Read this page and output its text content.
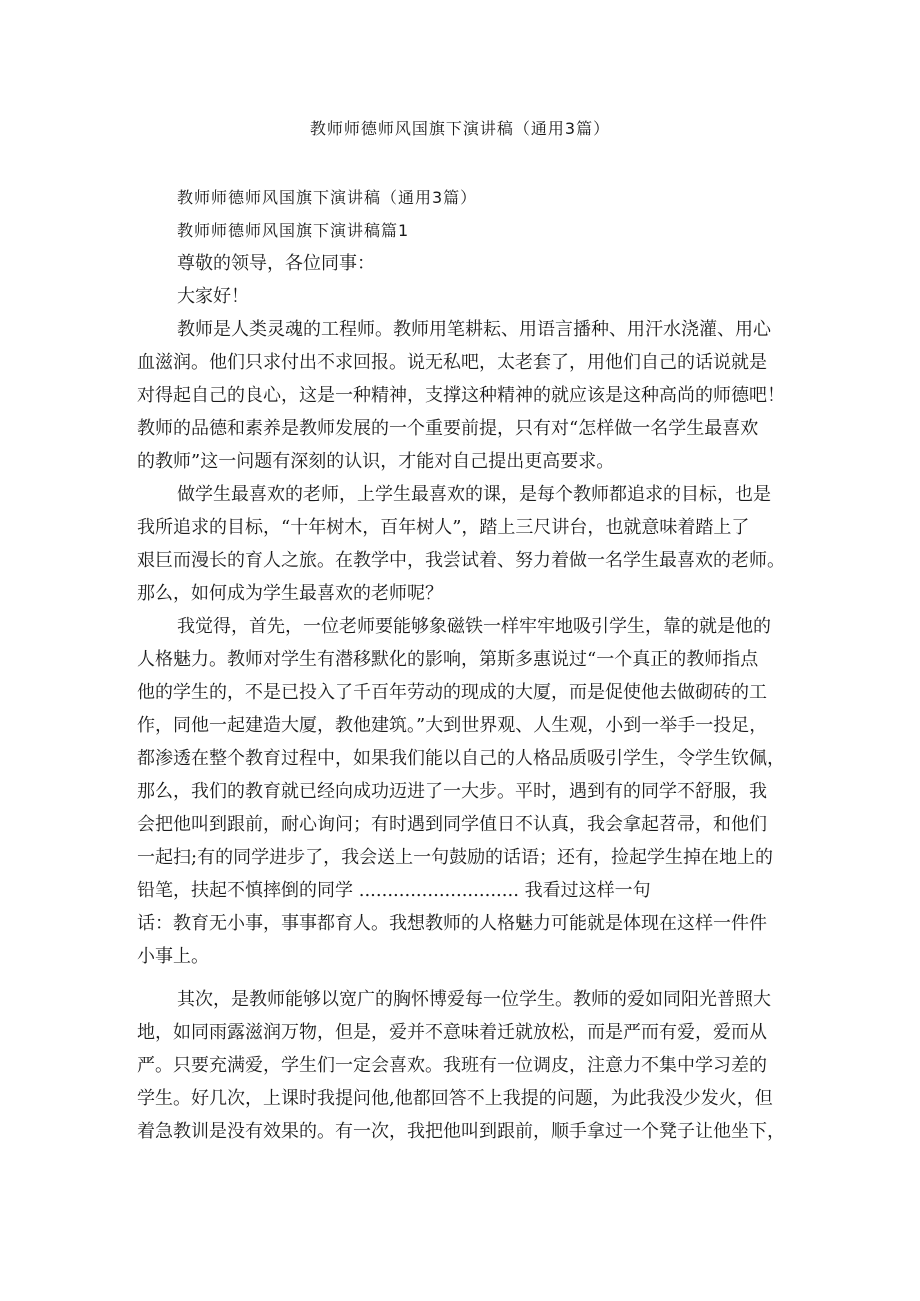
教师师德师风国旗下演讲稿（通用3篇）
教师师德师风国旗下演讲稿（通用3篇）
教师师德师风国旗下演讲稿篇1
尊敬的领导，各位同事：
大家好！
教师是人类灵魂的工程师。教师用笔耕耘、用语言播种、用汗水浇灌、用心
血滋润。他们只求付出不求回报。说无私吧，太老套了，用他们自己的话说就是
对得起自己的良心，这是一种精神，支撑这种精神的就应该是这种高尚的师德吧！
教师的品德和素养是教师发展的一个重要前提，只有对“怎样做一名学生最喜欢
的教师”这一问题有深刻的认识，才能对自己提出更高要求。
做学生最喜欢的老师，上学生最喜欢的课，是每个教师都追求的目标，也是
我所追求的目标，“十年树木，百年树人”，踏上三尺讲台，也就意味着踏上了
艰巨而漫长的育人之旅。在教学中，我尝试着、努力着做一名学生最喜欢的老师。
那么，如何成为学生最喜欢的老师呢？
我觉得，首先，一位老师要能够象磁铁一样牢牢地吸引学生，靠的就是他的
人格魅力。教师对学生有潜移默化的影响，第斯多惠说过“一个真正的教师指点
他的学生的，不是已投入了千百年劳动的现成的大厦，而是促使他去做砌砖的工
作，同他一起建造大厦，教他建筑。”大到世界观、人生观，小到一举手一投足，
都渗透在整个教育过程中，如果我们能以自己的人格品质吸引学生，令学生钦佩，
那么，我们的教育就已经向成功迈进了一大步。平时，遇到有的同学不舒服，我
会把他叫到跟前，耐心询问；有时遇到同学值日不认真，我会拿起苕帚，和他们
一起扫;有的同学进步了，我会送上一句鼓励的话语；还有，捡起学生掉在地上的
铅笔，扶起不慎摔倒的同学 ............................ 我看过这样一句
话：教育无小事，事事都育人。我想教师的人格魅力可能就是体现在这样一件件
小事上。
其次，是教师能够以宽广的胸怀博爱每一位学生。教师的爱如同阳光普照大
地，如同雨露滋润万物，但是，爱并不意味着迁就放松，而是严而有爱，爱而从
严。只要充满爱，学生们一定会喜欢。我班有一位调皮，注意力不集中学习差的
学生。好几次，上课时我提问他,他都回答不上我提的问题，为此我没少发火，但
着急教训是没有效果的。有一次，我把他叫到跟前，顺手拿过一个凳子让他坐下，
